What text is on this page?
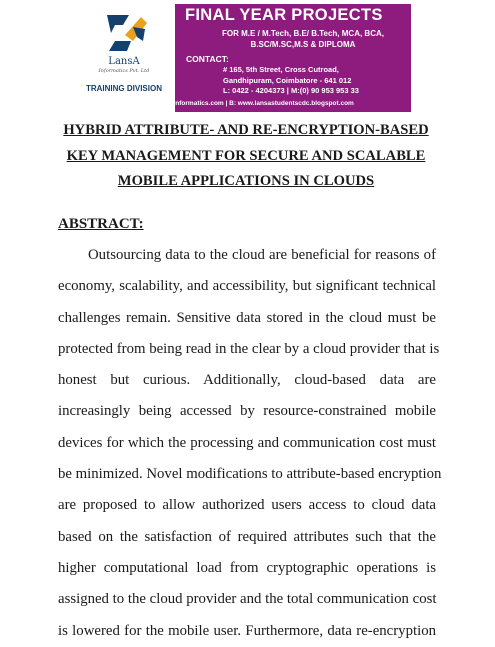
LansA
Informatics Pvt. Ltd
TRAINING DIVISION
FINAL YEAR PROJECTS
FOR M.E / M.Tech, B.E/ B.Tech, MCA, BCA,
B.SC/M.SC,M.S & DIPLOMA
CONTACT:
# 165, 5th Street, Cross Cutroad,
Gandhipuram, Coimbatore - 641 012
L: 0422 - 4204373 | M:(0) 90 953 953 33
W: www.lansainformatics.com | B: www.lansastudentscdc.blogspot.com
HYBRID ATTRIBUTE- AND RE-ENCRYPTION-BASED
KEY MANAGEMENT FOR SECURE AND SCALABLE
MOBILE APPLICATIONS IN CLOUDS
ABSTRACT:
Outsourcing data to the cloud are beneficial for reasons of
economy, scalability, and accessibility, but significant technical
challenges remain. Sensitive data stored in the cloud must be
protected from being read in the clear by a cloud provider that is
honest but curious. Additionally, cloud-based data are
increasingly being accessed by resource-constrained mobile
devices for which the processing and communication cost must
be minimized. Novel modifications to attribute-based encryption
are proposed to allow authorized users access to cloud data
based on the satisfaction of required attributes such that the
higher computational load from cryptographic operations is
assigned to the cloud provider and the total communication cost
is lowered for the mobile user. Furthermore, data re-encryption
